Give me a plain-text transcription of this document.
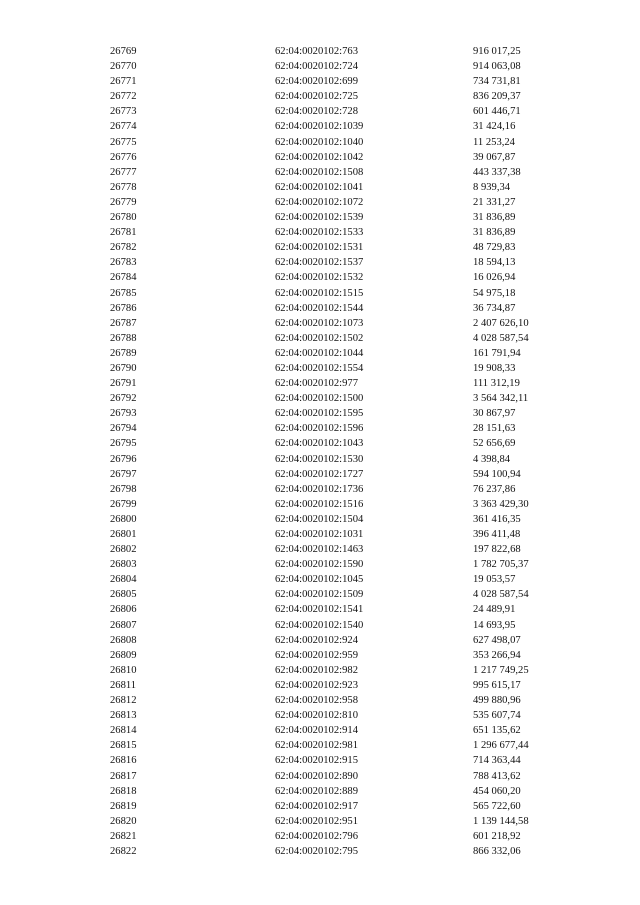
26769	62:04:0020102:763	916 017,25
26770	62:04:0020102:724	914 063,08
26771	62:04:0020102:699	734 731,81
26772	62:04:0020102:725	836 209,37
26773	62:04:0020102:728	601 446,71
26774	62:04:0020102:1039	31 424,16
26775	62:04:0020102:1040	11 253,24
26776	62:04:0020102:1042	39 067,87
26777	62:04:0020102:1508	443 337,38
26778	62:04:0020102:1041	8 939,34
26779	62:04:0020102:1072	21 331,27
26780	62:04:0020102:1539	31 836,89
26781	62:04:0020102:1533	31 836,89
26782	62:04:0020102:1531	48 729,83
26783	62:04:0020102:1537	18 594,13
26784	62:04:0020102:1532	16 026,94
26785	62:04:0020102:1515	54 975,18
26786	62:04:0020102:1544	36 734,87
26787	62:04:0020102:1073	2 407 626,10
26788	62:04:0020102:1502	4 028 587,54
26789	62:04:0020102:1044	161 791,94
26790	62:04:0020102:1554	19 908,33
26791	62:04:0020102:977	111 312,19
26792	62:04:0020102:1500	3 564 342,11
26793	62:04:0020102:1595	30 867,97
26794	62:04:0020102:1596	28 151,63
26795	62:04:0020102:1043	52 656,69
26796	62:04:0020102:1530	4 398,84
26797	62:04:0020102:1727	594 100,94
26798	62:04:0020102:1736	76 237,86
26799	62:04:0020102:1516	3 363 429,30
26800	62:04:0020102:1504	361 416,35
26801	62:04:0020102:1031	396 411,48
26802	62:04:0020102:1463	197 822,68
26803	62:04:0020102:1590	1 782 705,37
26804	62:04:0020102:1045	19 053,57
26805	62:04:0020102:1509	4 028 587,54
26806	62:04:0020102:1541	24 489,91
26807	62:04:0020102:1540	14 693,95
26808	62:04:0020102:924	627 498,07
26809	62:04:0020102:959	353 266,94
26810	62:04:0020102:982	1 217 749,25
26811	62:04:0020102:923	995 615,17
26812	62:04:0020102:958	499 880,96
26813	62:04:0020102:810	535 607,74
26814	62:04:0020102:914	651 135,62
26815	62:04:0020102:981	1 296 677,44
26816	62:04:0020102:915	714 363,44
26817	62:04:0020102:890	788 413,62
26818	62:04:0020102:889	454 060,20
26819	62:04:0020102:917	565 722,60
26820	62:04:0020102:951	1 139 144,58
26821	62:04:0020102:796	601 218,92
26822	62:04:0020102:795	866 332,06
